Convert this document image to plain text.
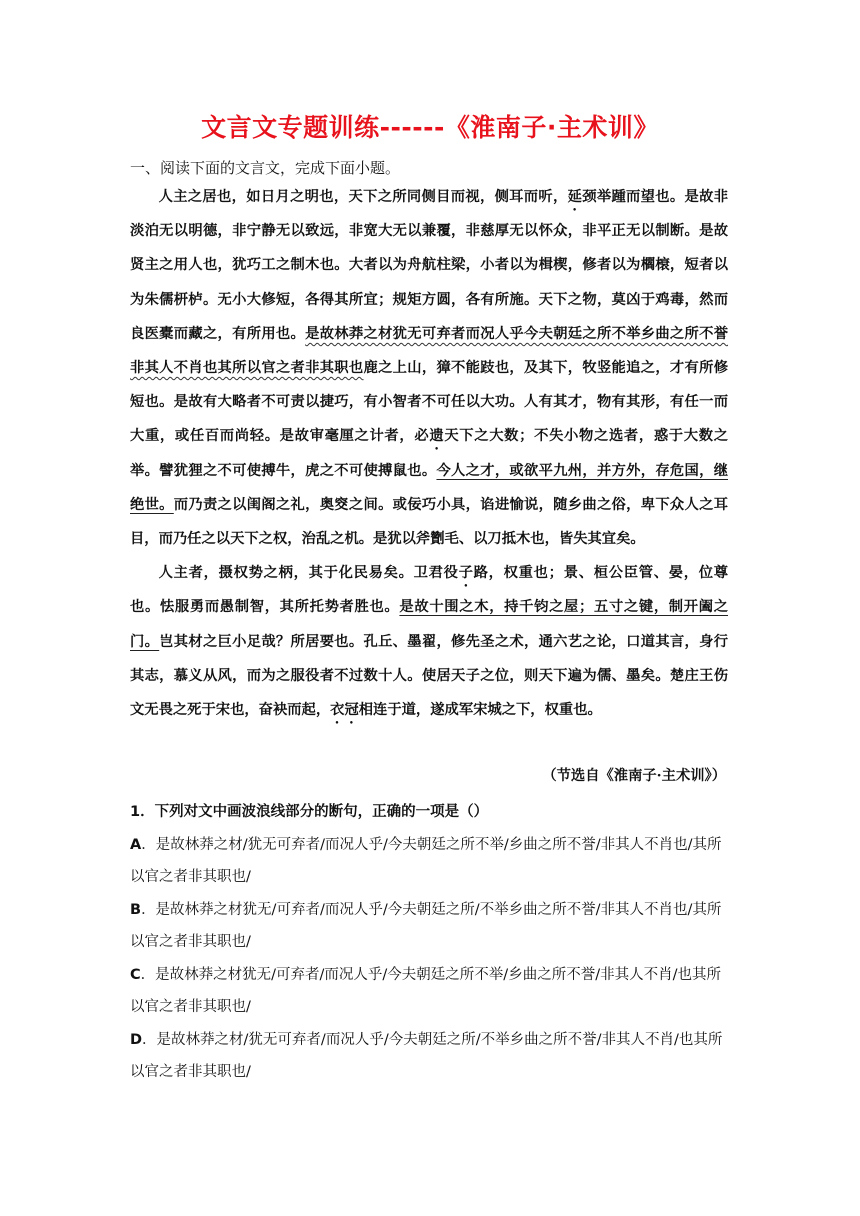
文言文专题训练------《淮南子·主术训》
一、阅读下面的文言文，完成下面小题。

人主之居也，如日月之明也，天下之所同侧目而视，侧耳而听，延颈举踵而望也。是故非淡泊无以明德，非宁静无以致远，非宽大无以兼覆，非慈厚无以怀众，非平正无以制断。是故贤主之用人也，犹巧工之制木也。大者以为舟航柱梁，小者以为楫楔，修者以为櫩榱，短者以为朱儒枅栌。无小大修短，各得其所宜；规矩方圆，各有所施。天下之物，莫凶于鸡毒，然而良医橐而藏之，有所用也。是故林莽之材犹无可弃者而况人乎今夫朝廷之所不举乡曲之所不誉非其人不肖也其所以官之者非其职也鹿之上山，獐不能跂也，及其下，牧竖能追之，才有所修短也。是故有大略者不可责以捷巧，有小智者不可任以大功。人有其才，物有其形，有任一而大重，或任百而尚轻。是故审毫厘之计者，必遗天下之大数；不失小物之选者，惑于大数之举。譬犹狸之不可使搏牛，虎之不可使搏鼠也。今人之才，或欲平九州，并方外，存危国，继绝世。而乃责之以闺阁之礼，奥窔之间。或佞巧小具，谄进愉说，随乡曲之俗，卑下众人之耳目，而乃任之以天下之权，治乱之机。是犹以斧劗毛、以刀抵木也，皆失其宜矣。

人主者，摄权势之柄，其于化民易矣。卫君役子路，权重也；景、桓公臣管、晏，位尊也。怯服勇而愚制智，其所托势者胜也。是故十围之木，持千钧之屋；五寸之键，制开阖之门。岂其材之巨小足哉？所居要也。孔丘、墨翟，修先圣之术，通六艺之论，口道其言，身行其志，慕义从风，而为之服役者不过数十人。使居天子之位，则天下遍为儒、墨矣。楚庄王伤文无畏之死于宋也，奋袂而起，衣冠相连于道，遂成军宋城之下，权重也。

（节选自《淮南子·主术训》）
1．下列对文中画波浪线部分的断句，正确的一项是（）
A．是故林莽之材/犹无可弃者/而况人乎/今夫朝廷之所不举/乡曲之所不誉/非其人不肖也/其所以官之者非其职也/
B．是故林莽之材犹无/可弃者/而况人乎/今夫朝廷之所/不举乡曲之所不誉/非其人不肖也/其所以官之者非其职也/
C．是故林莽之材犹无/可弃者/而况人乎/今夫朝廷之所不举/乡曲之所不誉/非其人不肖/也其所以官之者非其职也/
D．是故林莽之材/犹无可弃者/而况人乎/今夫朝廷之所/不举乡曲之所不誉/非其人不肖/也其所以官之者非其职也/
